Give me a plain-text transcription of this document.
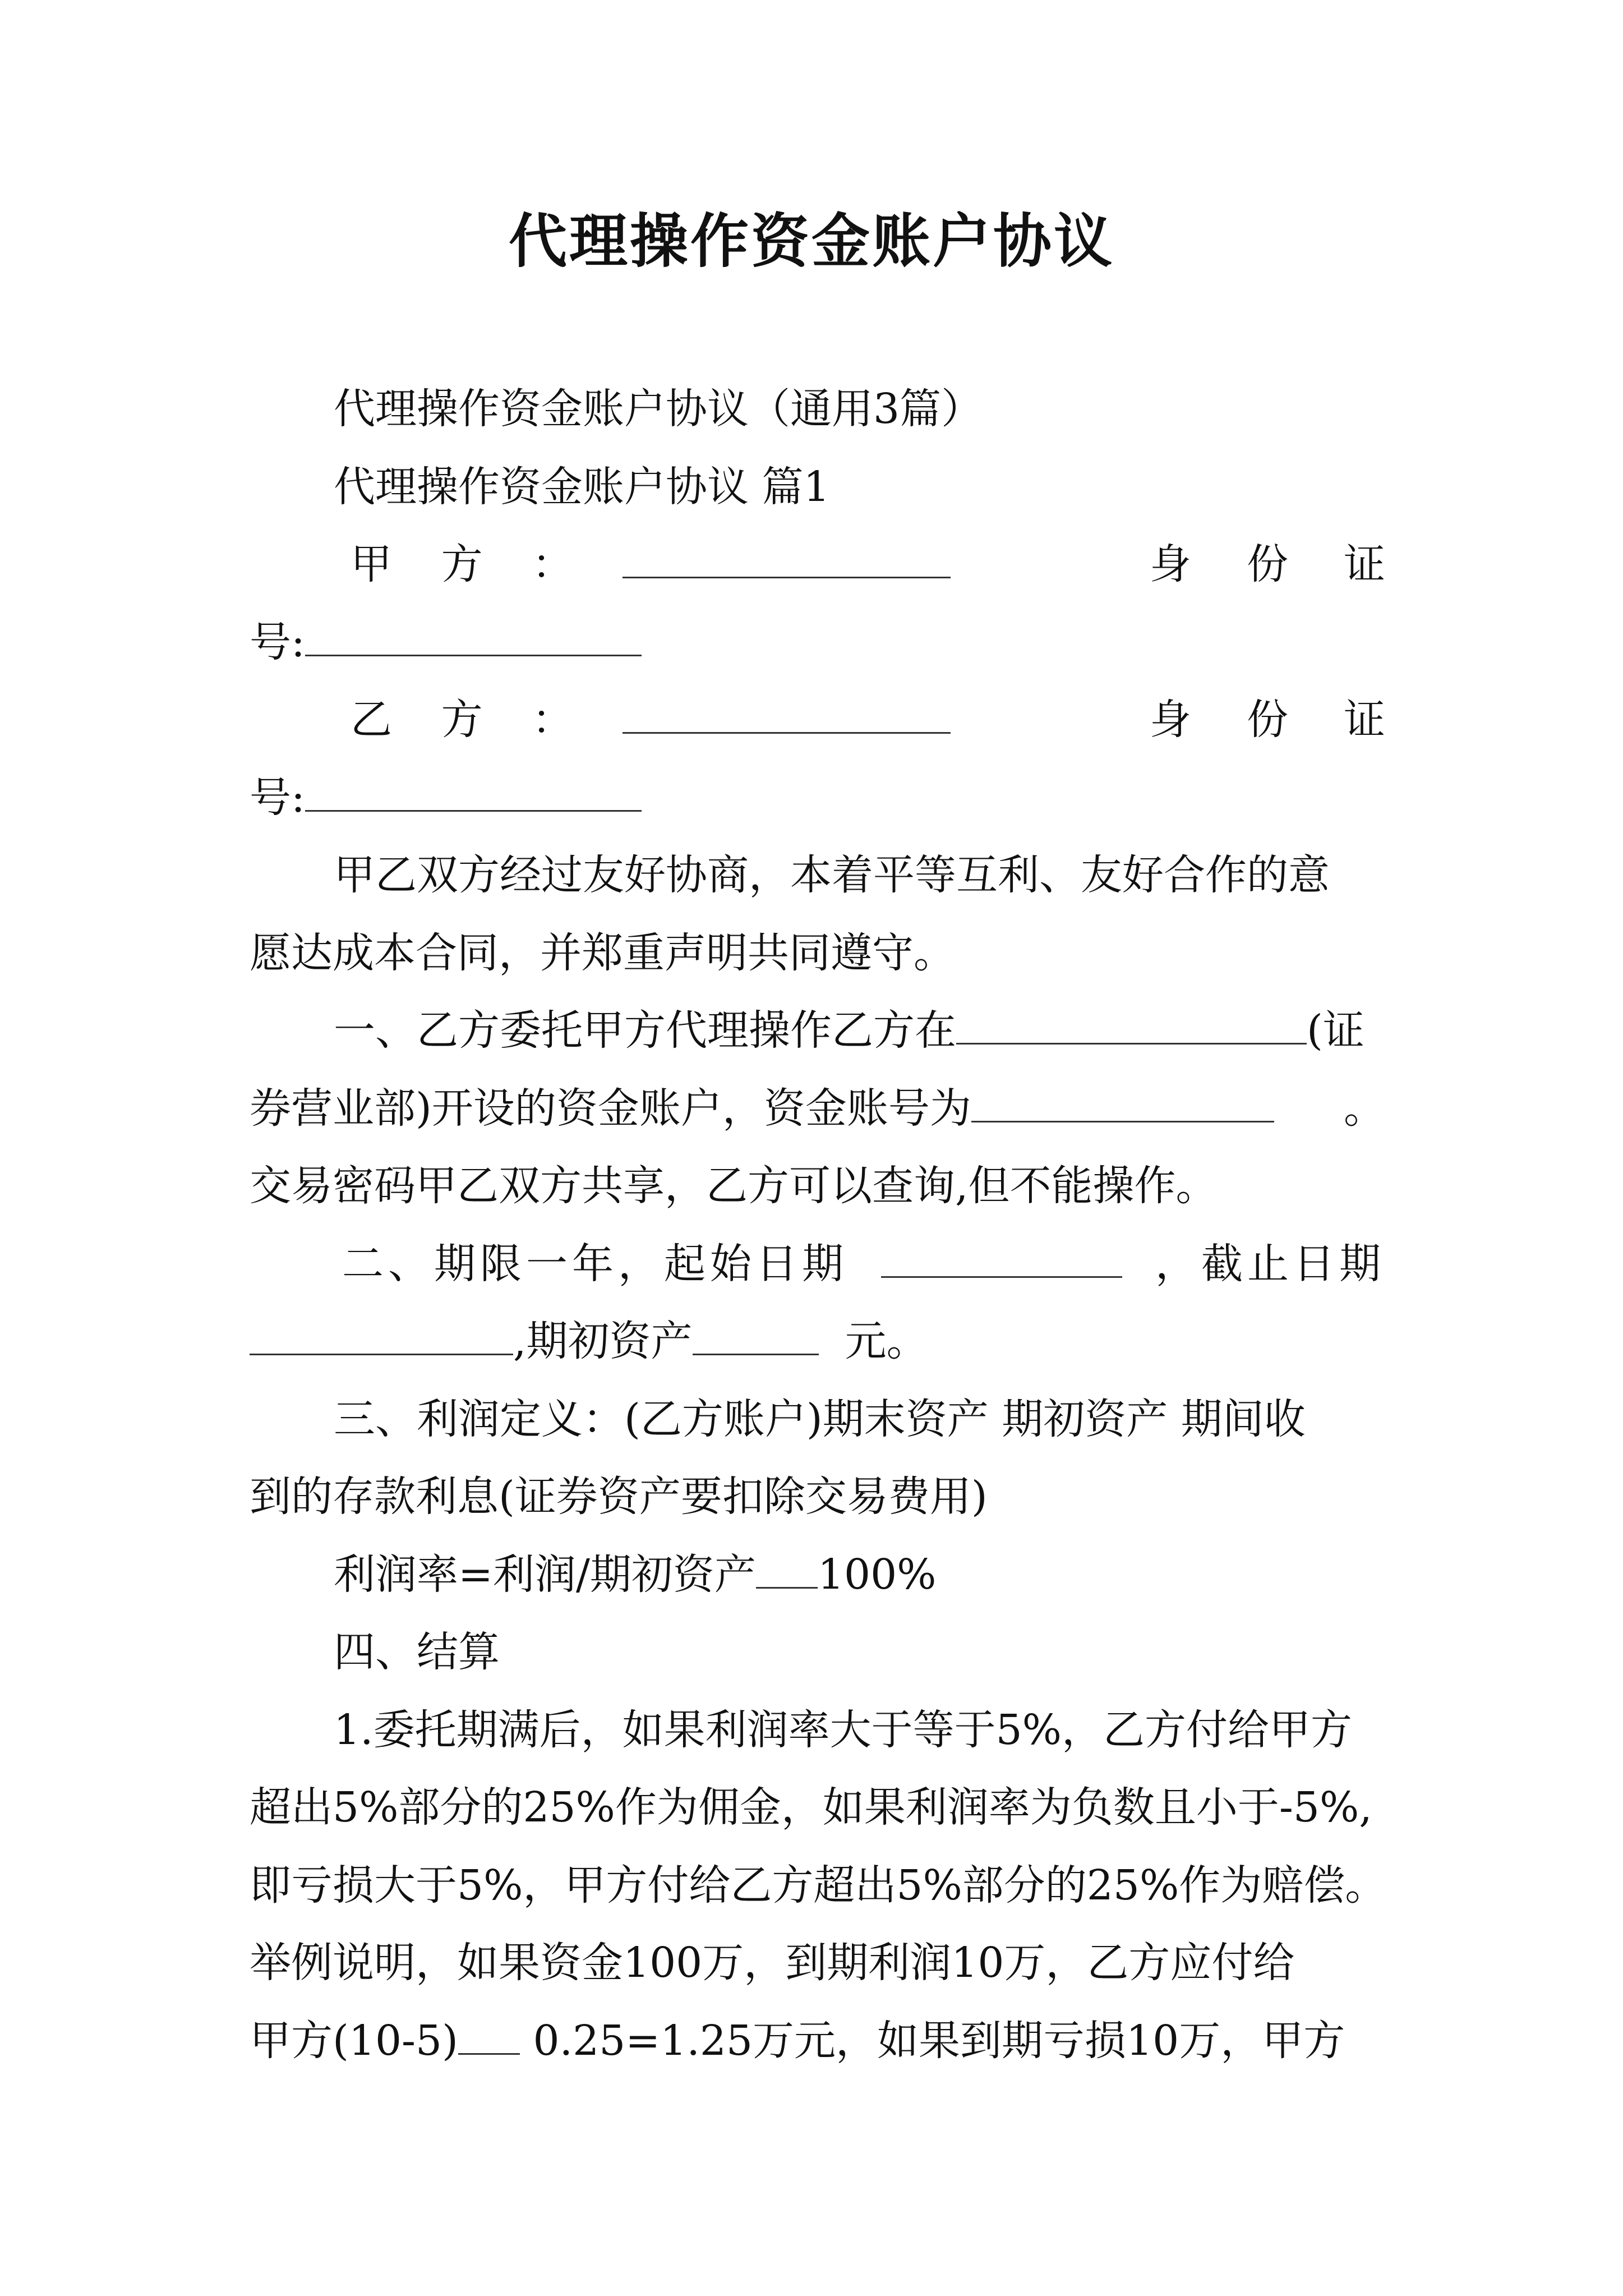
代理操作资金账户协议
代理操作资金账户协议（通用3篇）
代理操作资金账户协议 篇1
甲 方 ：	身 份 证
号:
乙 方 ：	身 份 证
号:
甲乙双方经过友好协商，本着平等互利、友好合作的意
愿达成本合同，并郑重声明共同遵守。
一、乙方委托甲方代理操作乙方在	(证
券营业部)开设的资金账户，资金账号为	。
交易密码甲乙双方共享，乙方可以查询,但不能操作。
二、期限一年，起始日期	，截止日期
,期初资产	元。
三、利润定义：(乙方账户)期末资产 期初资产 期间收
到的存款利息(证券资产要扣除交易费用)
利润率=利润/期初资产 100%
四、结算
1.委托期满后，如果利润率大于等于5%，乙方付给甲方
超出5%部分的25%作为佣金，如果利润率为负数且小于-5%,
即亏损大于5%，甲方付给乙方超出5%部分的25%作为赔偿。
举例说明，如果资金100万，到期利润10万，乙方应付给
甲方(10-5) 0.25=1.25万元，如果到期亏损10万，甲方
